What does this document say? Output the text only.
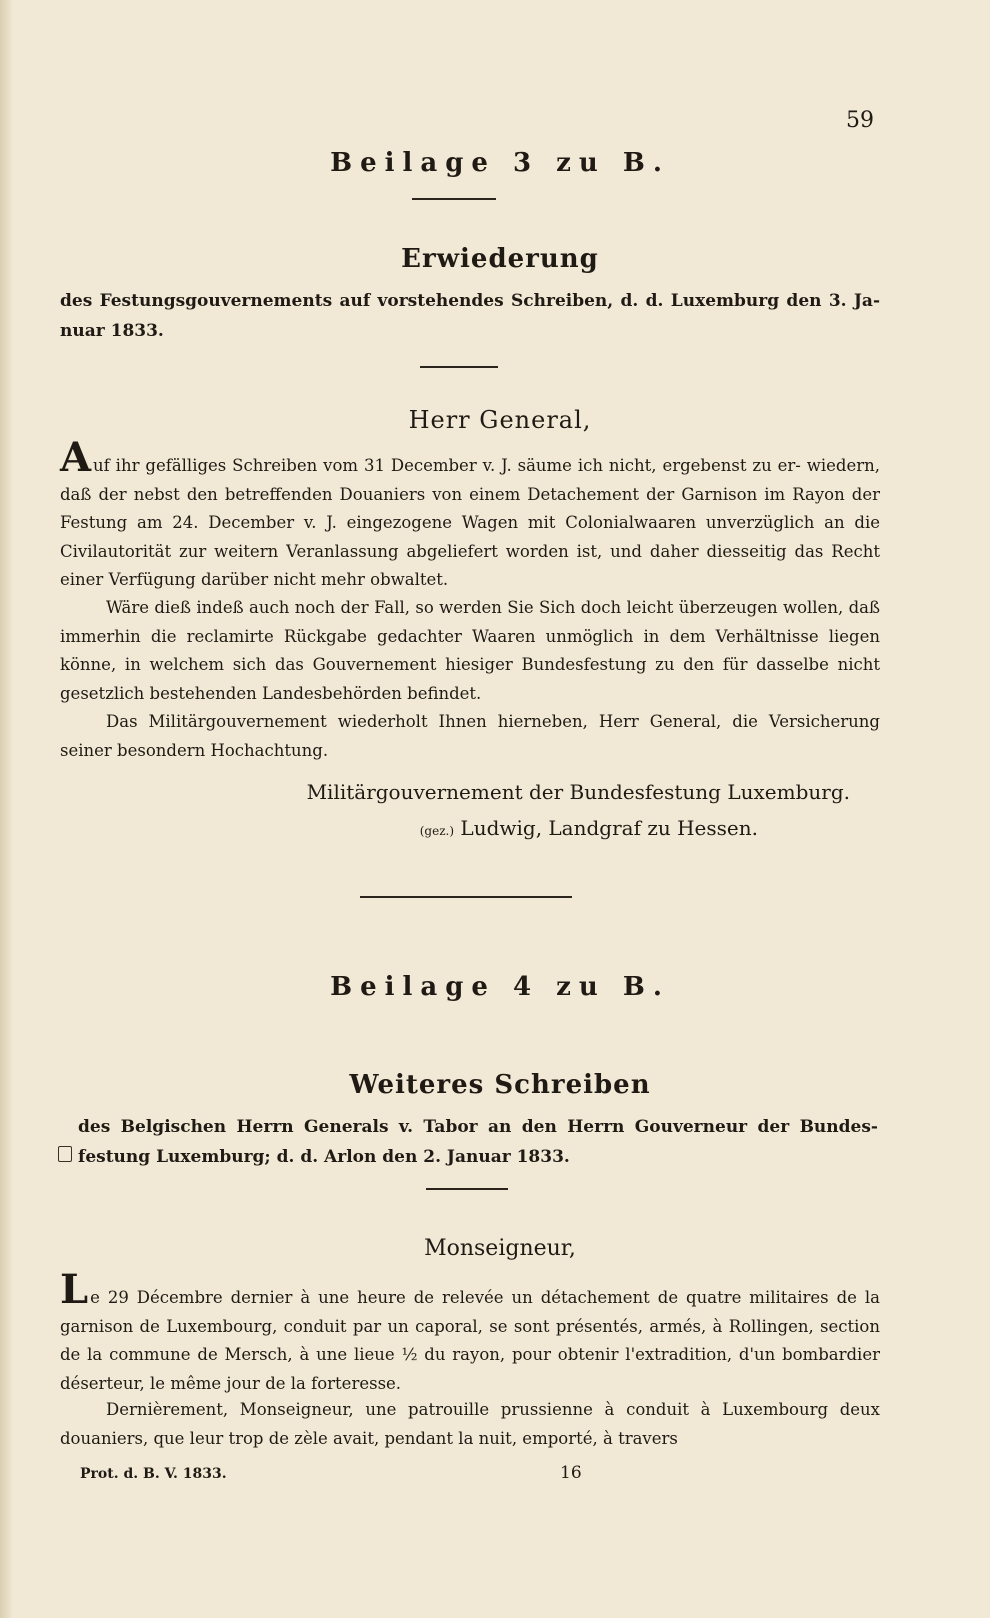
59
Beilage 3 zu B.
Erwiederung
des Festungsgouvernements auf vorstehendes Schreiben, d. d. Luxemburg den 3. Ja- nuar 1833.
Herr General,
Auf ihr gefälliges Schreiben vom 31 December v. J. säume ich nicht, ergebenst zu er- wiedern, daß der nebst den betreffenden Douaniers von einem Detachement der Garnison im Rayon der Festung am 24. December v. J. eingezogene Wagen mit Colonialwaaren unverzüglich an die Civilautorität zur weitern Veranlassung abgeliefert worden ist, und daher diesseitig das Recht einer Verfügung darüber nicht mehr obwaltet.
Wäre dieß indeß auch noch der Fall, so werden Sie Sich doch leicht überzeugen wollen, daß immerhin die reclamirte Rückgabe gedachter Waaren unmöglich in dem Verhältnisse liegen könne, in welchem sich das Gouvernement hiesiger Bundesfestung zu den für dasselbe nicht gesetzlich bestehenden Landesbehörden befindet.
Das Militärgouvernement wiederholt Ihnen hierneben, Herr General, die Versicherung seiner besondern Hochachtung.
Militärgouvernement der Bundesfestung Luxemburg.
(gez.) Ludwig, Landgraf zu Hessen.
Beilage 4 zu B.
Weiteres Schreiben
des Belgischen Herrn Generals v. Tabor an den Herrn Gouverneur der Bundes- festung Luxemburg; d. d. Arlon den 2. Januar 1833.
Monseigneur,
Le 29 Décembre dernier à une heure de relevée un détachement de quatre militaires de la garnison de Luxembourg, conduit par un caporal, se sont présentés, armés, à Rollingen, section de la commune de Mersch, à une lieue ½ du rayon, pour obtenir l'extradition, d'un bombardier déserteur, le même jour de la forteresse.
Dernièrement, Monseigneur, une patrouille prussienne à conduit à Luxembourg deux douaniers, que leur trop de zèle avait, pendant la nuit, emporté, à travers
Prot. d. B. V. 1833.	16
